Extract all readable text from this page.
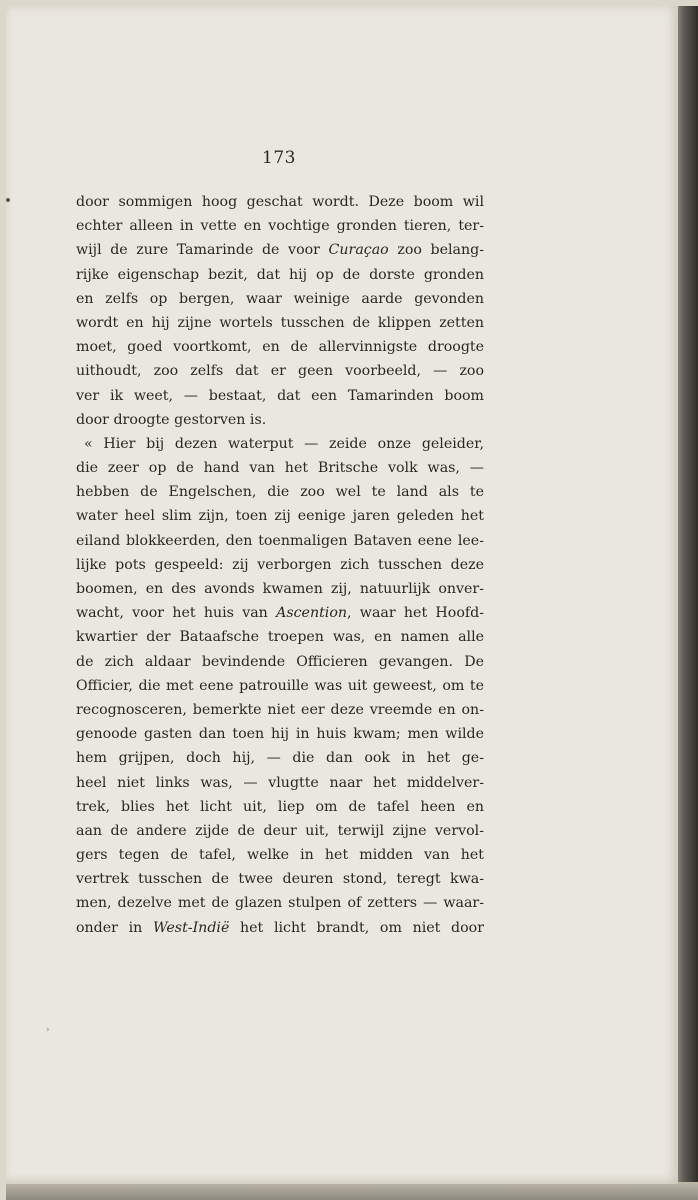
173
door sommigen hoog geschat wordt. Deze boom wil
echter alleen in vette en vochtige gronden tieren, ter-
wijl de zure Tamarinde de voor Curaçao zoo belang-
rijke eigenschap bezit, dat hij op de dorste gronden
en zelfs op bergen, waar weinige aarde gevonden
wordt en hij zijne wortels tusschen de klippen zetten
moet, goed voortkomt, en de allervinnigste droogte
uithoudt, zoo zelfs dat er geen voorbeeld, — zoo
ver ik weet, — bestaat, dat een Tamarinden boom
door droogte gestorven is.
« Hier bij dezen waterput — zeide onze geleider,
die zeer op de hand van het Britsche volk was, —
hebben de Engelschen, die zoo wel te land als te
water heel slim zijn, toen zij eenige jaren geleden het
eiland blokkeerden, den toenmaligen Bataven eene lee-
lijke pots gespeeld: zij verborgen zich tusschen deze
boomen, en des avonds kwamen zij, natuurlijk onver-
wacht, voor het huis van Ascention, waar het Hoofd-
kwartier der Bataafsche troepen was, en namen alle
de zich aldaar bevindende Officieren gevangen. De
Officier, die met eene patrouille was uit geweest, om te
recognosceren, bemerkte niet eer deze vreemde en on-
genoode gasten dan toen hij in huis kwam; men wilde
hem grijpen, doch hij, — die dan ook in het ge-
heel niet links was, — vlugtte naar het middelver-
trek, blies het licht uit, liep om de tafel heen en
aan de andere zijde de deur uit, terwijl zijne vervol-
gers tegen de tafel, welke in het midden van het
vertrek tusschen de twee deuren stond, teregt kwa-
men, dezelve met de glazen stulpen of zetters — waar-
onder in West-Indië het licht brandt, om niet door
›
